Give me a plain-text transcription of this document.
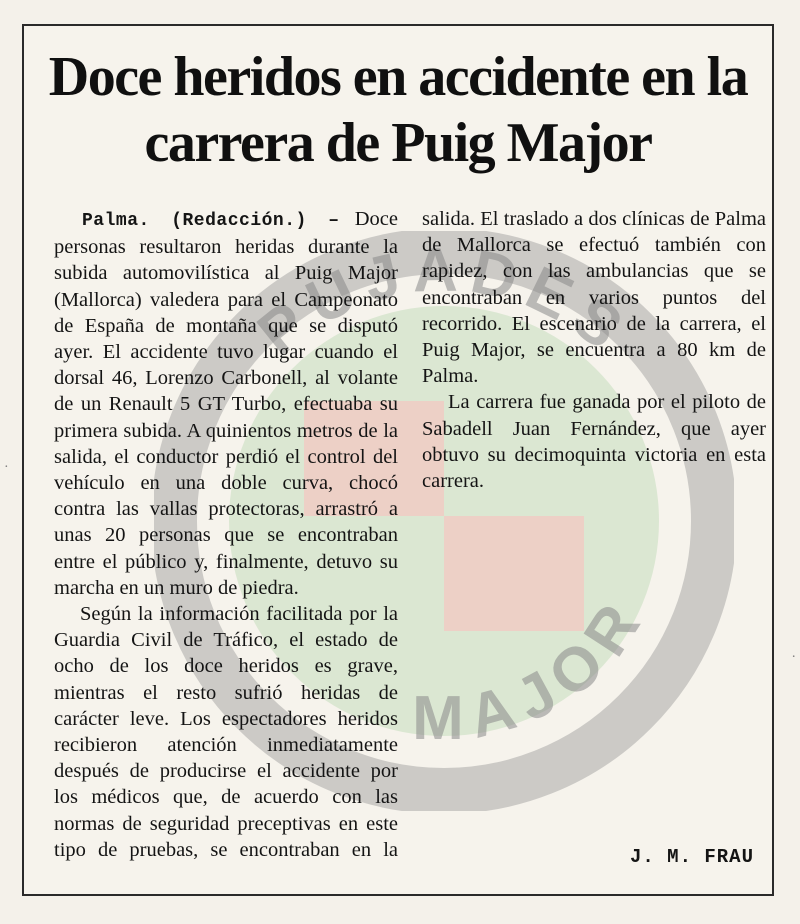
PUJADES
MAJOR
Doce heridos en accidente en la carrera de Puig Major

Palma. (Redacción.) – Doce personas resultaron heridas durante la subida automovilística al Puig Major (Mallorca) valedera para el Campeonato de España de montaña que se disputó ayer. El accidente tuvo lugar cuando el dorsal 46, Lorenzo Carbonell, al volante de un Renault 5 GT Turbo, efectuaba su primera subida. A quinientos metros de la salida, el conductor perdió el control del vehículo en una doble curva, chocó contra las vallas protectoras, arrastró a unas 20 personas que se encontraban entre el público y, finalmente, detuvo su marcha en un muro de piedra.

Según la información facilitada por la Guardia Civil de Tráfico, el estado de ocho de los doce heridos es grave, mientras el resto sufrió heridas de carácter leve. Los espectadores heridos recibieron atención inmediatamente después de producirse el accidente por los médicos que, de acuerdo con las normas de seguridad preceptivas en este tipo de pruebas, se encontraban en la salida. El traslado a dos clínicas de Palma de Mallorca se efectuó también con rapidez, con las ambulancias que se encontraban en varios puntos del recorrido. El escenario de la carrera, el Puig Major, se encuentra a 80 km de Palma.

La carrera fue ganada por el piloto de Sabadell Juan Fernández, que ayer obtuvo su decimoquinta victoria en esta carrera.

J. M. FRAU
·
·
